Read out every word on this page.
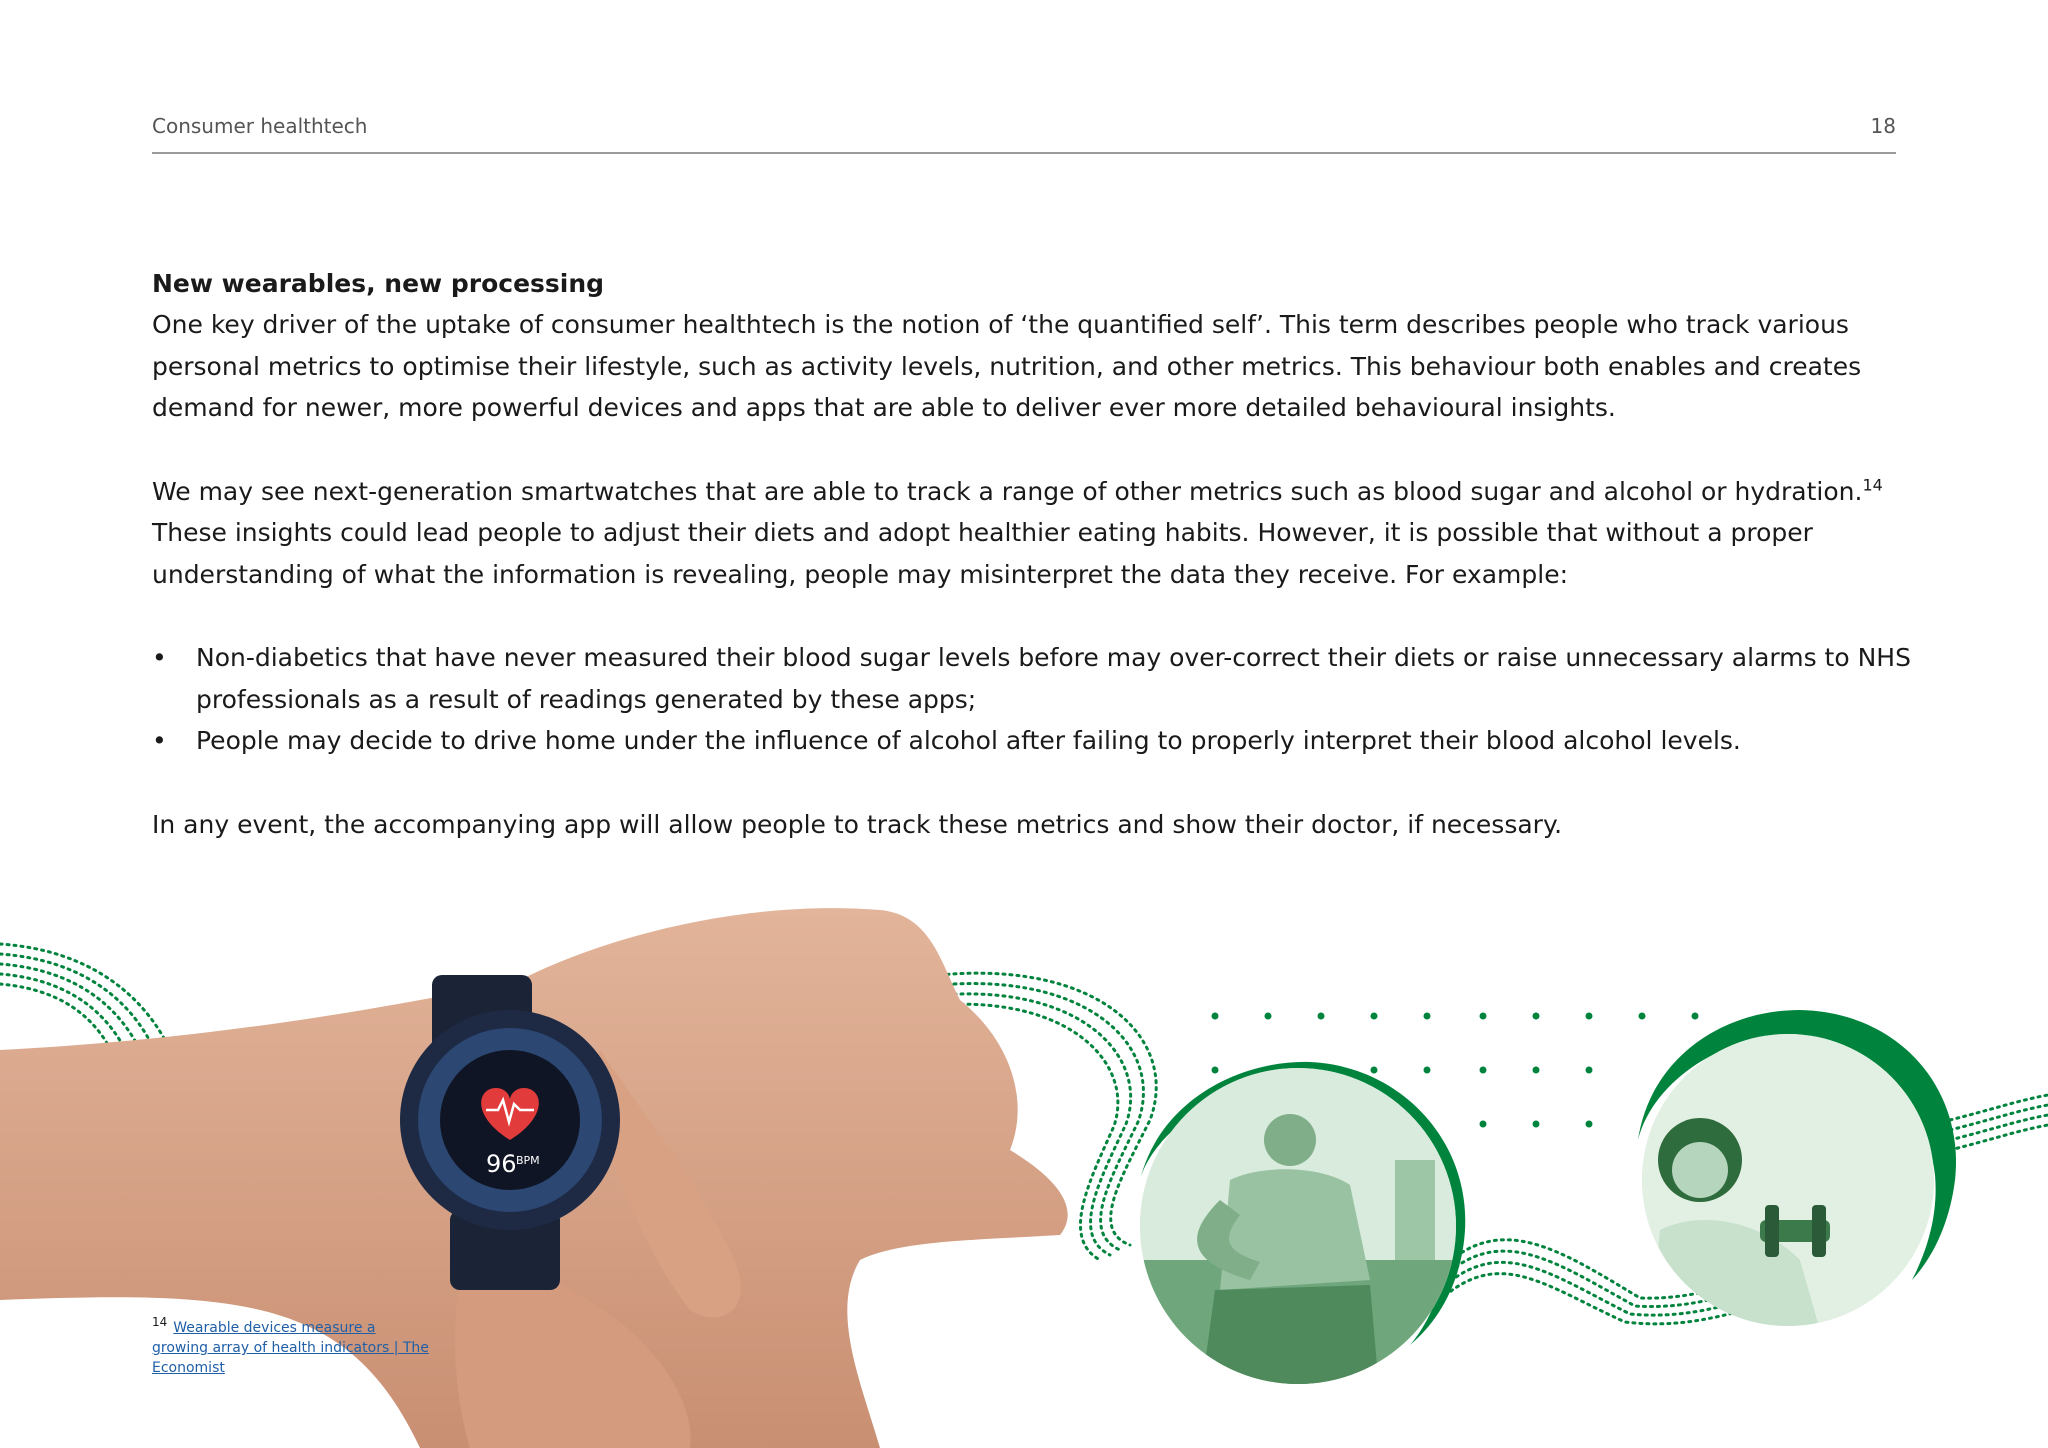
Consumer healthtech	18

New wearables, new processing

One key driver of the uptake of consumer healthtech is the notion of ‘the quantified self’. This term describes people who track various personal metrics to optimise their lifestyle, such as activity levels, nutrition, and other metrics. This behaviour both enables and creates demand for newer, more powerful devices and apps that are able to deliver ever more detailed behavioural insights.

We may see next-generation smartwatches that are able to track a range of other metrics such as blood sugar and alcohol or hydration.$^{14}$ These insights could lead people to adjust their diets and adopt healthier eating habits. However, it is possible that without a proper understanding of what the information is revealing, people may misinterpret the data they receive. For example:

• Non-diabetics that have never measured their blood sugar levels before may over-correct their diets or raise unnecessary alarms to NHS professionals as a result of readings generated by these apps;
• People may decide to drive home under the influence of alcohol after failing to properly interpret their blood alcohol levels.

In any event, the accompanying app will allow people to track these metrics and show their doctor, if necessary.

96 BPM
14 Wearable devices measure a growing array of health indicators | The Economist
